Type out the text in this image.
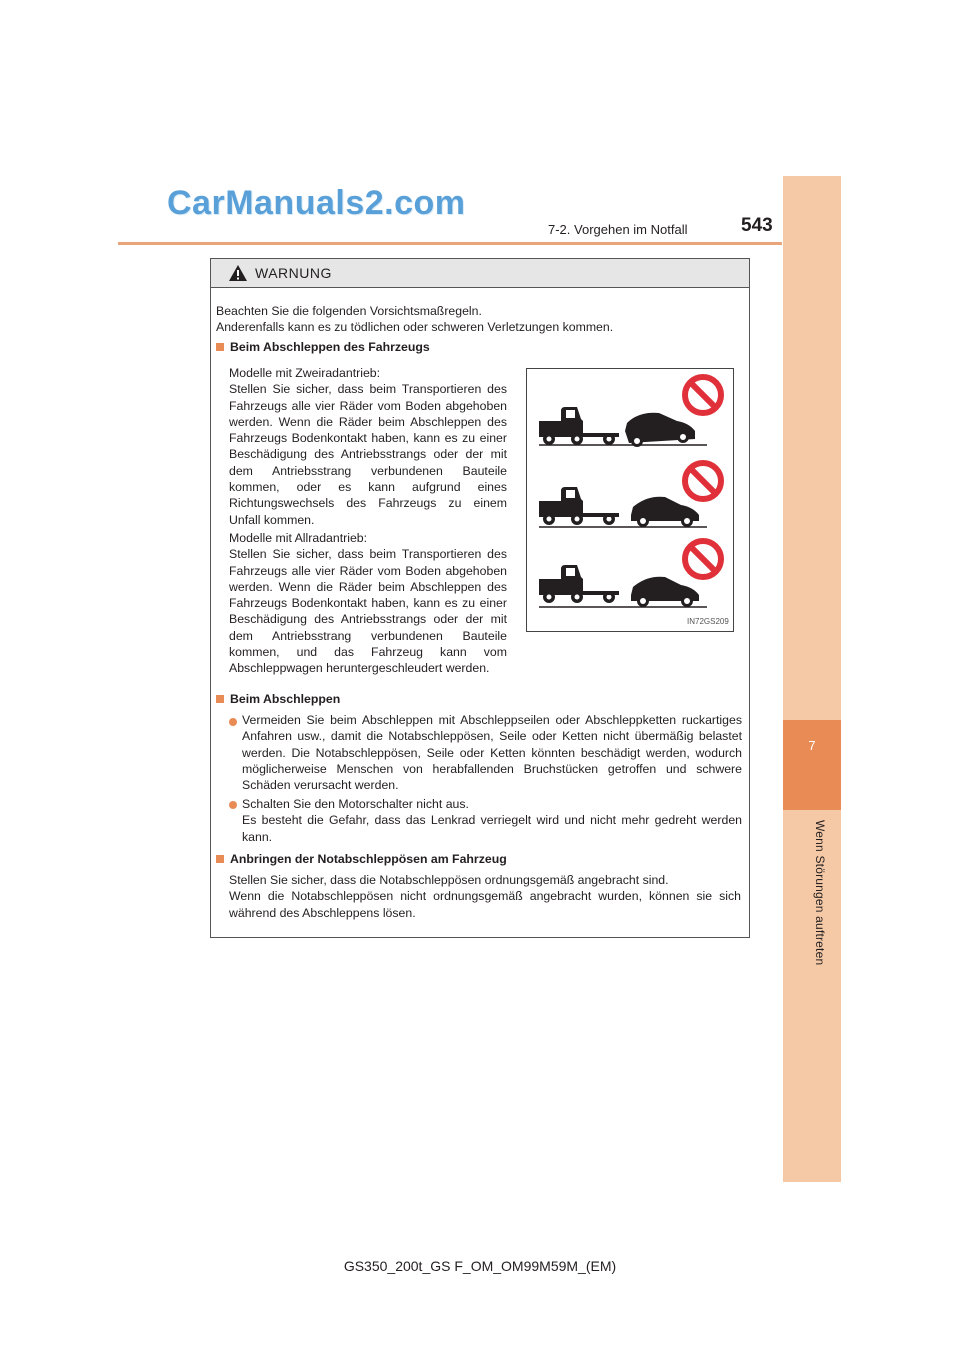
CarManuals2.com
7-2. Vorgehen im Notfall	543
7
Wenn Störungen auftreten
WARNUNG
Beachten Sie die folgenden Vorsichtsmaßregeln.
Anderenfalls kann es zu tödlichen oder schweren Verletzungen kommen.
Beim Abschleppen des Fahrzeugs
Modelle mit Zweiradantrieb:
Stellen Sie sicher, dass beim Transportieren des Fahrzeugs alle vier Räder vom Boden abgehoben werden. Wenn die Räder beim Abschleppen des Fahrzeugs Bodenkontakt haben, kann es zu einer Beschädigung des Antriebsstrangs oder der mit dem Antriebsstrang verbundenen Bauteile kommen, oder es kann aufgrund eines Richtungswechsels des Fahrzeugs zu einem Unfall kommen.
Modelle mit Allradantrieb:
Stellen Sie sicher, dass beim Transportieren des Fahrzeugs alle vier Räder vom Boden abgehoben werden. Wenn die Räder beim Abschleppen des Fahrzeugs Bodenkontakt haben, kann es zu einer Beschädigung des Antriebsstrangs oder der mit dem Antriebsstrang verbundenen Bauteile kommen, und das Fahrzeug kann vom Abschleppwagen heruntergeschleudert werden.
IN72GS209
Beim Abschleppen
Vermeiden Sie beim Abschleppen mit Abschleppseilen oder Abschleppketten ruckartiges Anfahren usw., damit die Notabschleppösen, Seile oder Ketten nicht übermäßig belastet werden. Die Notabschleppösen, Seile oder Ketten könnten beschädigt werden, wodurch möglicherweise Menschen von herabfallenden Bruchstücken getroffen und schwere Schäden verursacht werden.
Schalten Sie den Motorschalter nicht aus.
Es besteht die Gefahr, dass das Lenkrad verriegelt wird und nicht mehr gedreht werden kann.
Anbringen der Notabschleppösen am Fahrzeug
Stellen Sie sicher, dass die Notabschleppösen ordnungsgemäß angebracht sind.
Wenn die Notabschleppösen nicht ordnungsgemäß angebracht wurden, können sie sich während des Abschleppens lösen.
GS350_200t_GS F_OM_OM99M59M_(EM)
